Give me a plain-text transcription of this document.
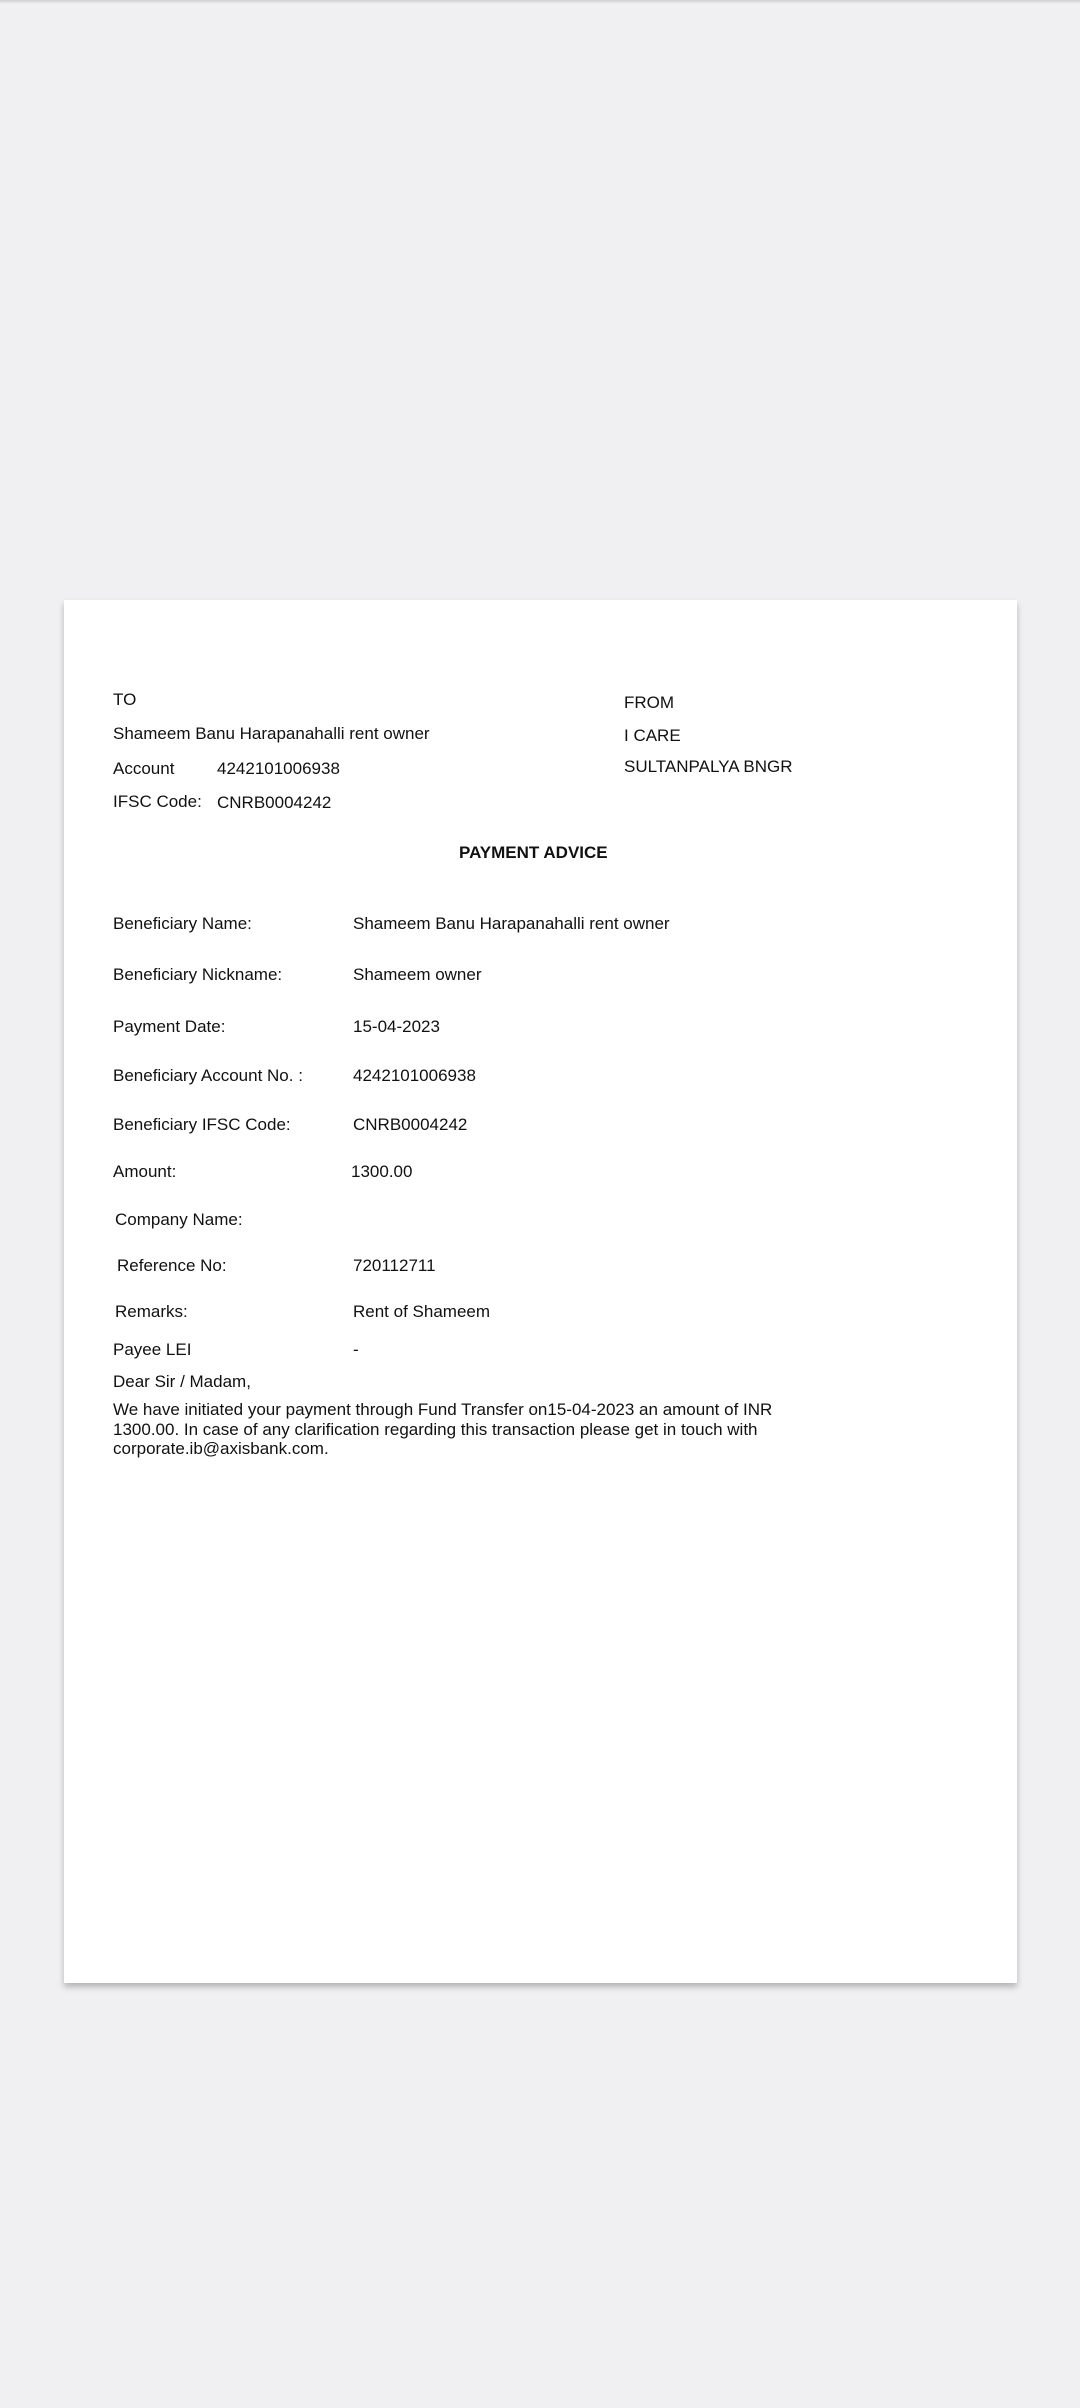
TO
Shameem Banu Harapanahalli rent owner
Account	4242101006938
IFSC Code: CNRB0004242
FROM
I CARE
SULTANPALYA BNGR
PAYMENT ADVICE
Beneficiary Name:	Shameem Banu Harapanahalli rent owner
Beneficiary Nickname:	Shameem owner
Payment Date:	15-04-2023
Beneficiary Account No. :	4242101006938
Beneficiary IFSC Code:	CNRB0004242
Amount:	1300.00
Company Name:
Reference No:	720112711
Remarks:	Rent of Shameem
Payee LEI	-
Dear Sir / Madam,
We have initiated your payment through Fund Transfer on15-04-2023 an amount of INR 1300.00. In case of any clarification regarding this transaction please get in touch with corporate.ib@axisbank.com.
